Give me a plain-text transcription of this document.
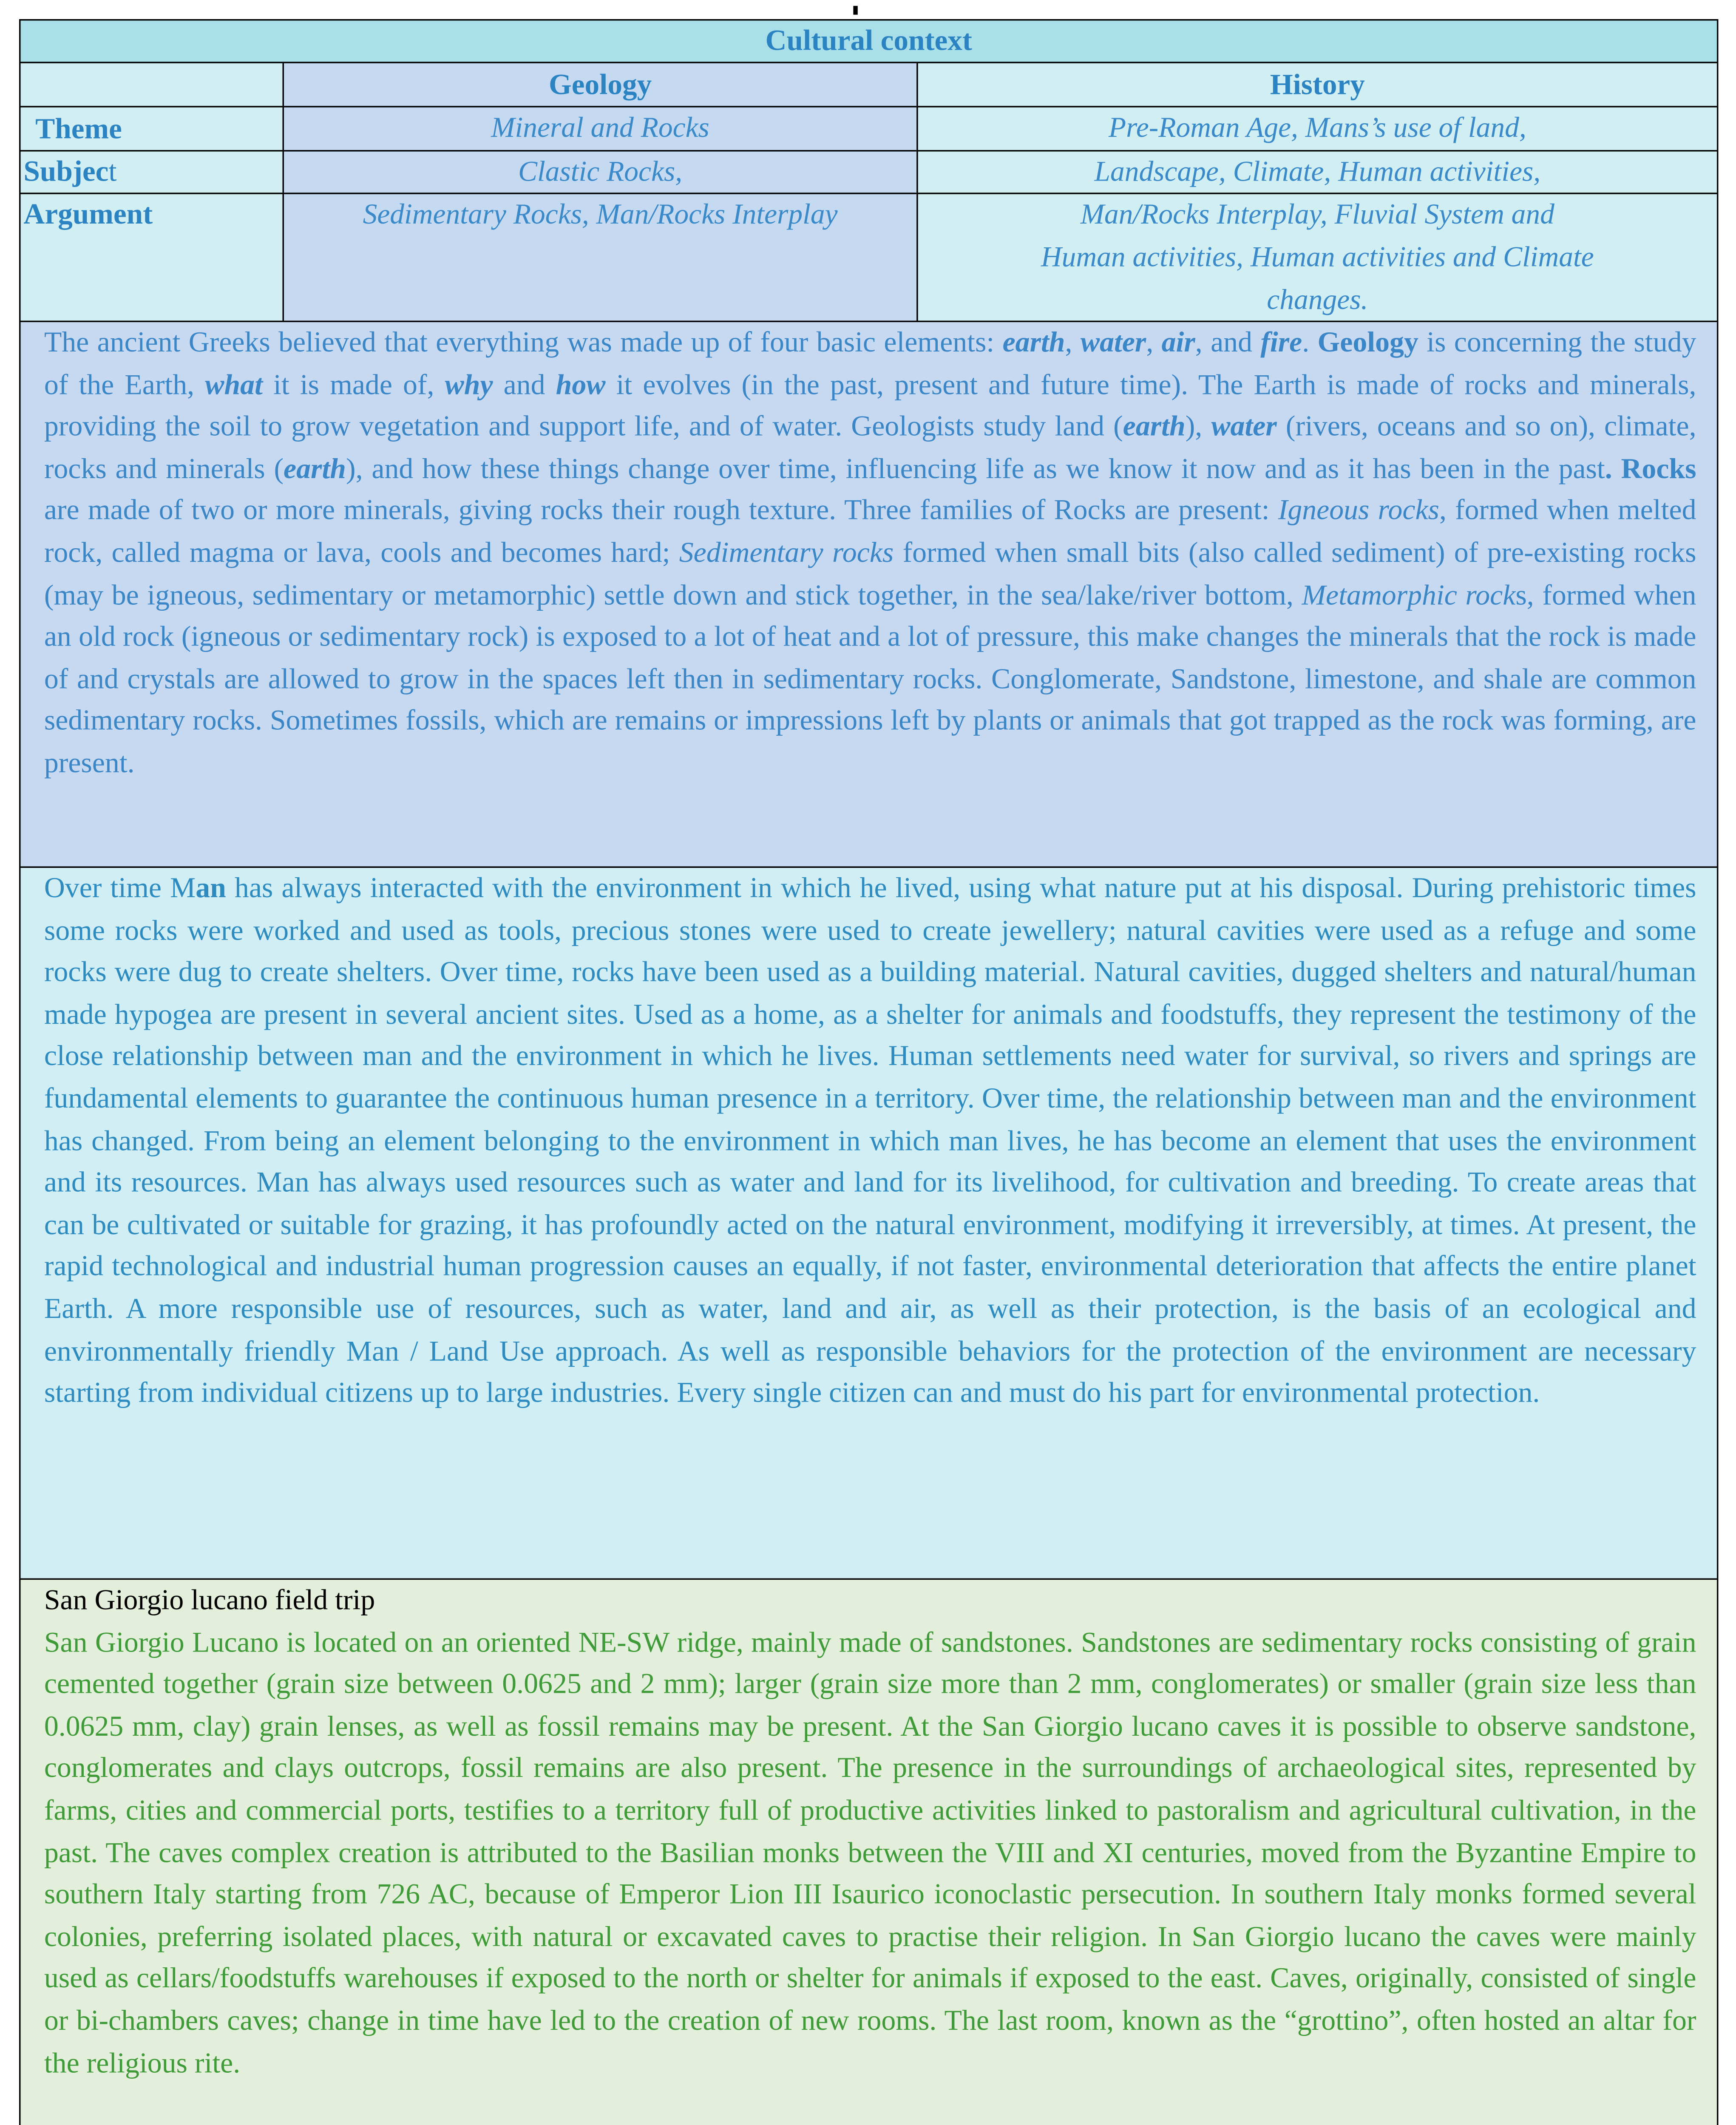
Cultural context
Geology	History
Theme
Subject
Argument
Mineral and Rocks
Clastic Rocks,
Sedimentary Rocks, Man/Rocks Interplay
Pre-Roman Age, Mans’s use of land,
Landscape, Climate, Human activities,
Man/Rocks Interplay, Fluvial System and
Human activities, Human activities and Climate
changes.
The ancient Greeks believed that everything was made up of four basic elements: earth, water, air, and fire. Geology is concerning the study of the Earth, what it is made of, why and how it evolves (in the past, present and future time). The Earth is made of rocks and minerals, providing the soil to grow vegetation and support life, and of water. Geologists study land (earth), water (rivers, oceans and so on), climate, rocks and minerals (earth), and how these things change over time, influencing life as we know it now and as it has been in the past. Rocks are made of two or more minerals, giving rocks their rough texture. Three families of Rocks are present: Igneous rocks, formed when melted rock, called magma or lava, cools and becomes hard; Sedimentary rocks formed when small bits (also called sediment) of pre-existing rocks (may be igneous, sedimentary or metamorphic) settle down and stick together, in the sea/lake/river bottom, Metamorphic rocks, formed when an old rock (igneous or sedimentary rock) is exposed to a lot of heat and a lot of pressure, this make changes the minerals that the rock is made of and crystals are allowed to grow in the spaces left then in sedimentary rocks. Conglomerate, Sandstone, limestone, and shale are common sedimentary rocks. Sometimes fossils, which are remains or impressions left by plants or animals that got trapped as the rock was forming, are present.
Over time Man has always interacted with the environment in which he lived, using what nature put at his disposal. During prehistoric times some rocks were worked and used as tools, precious stones were used to create jewellery; natural cavities were used as a refuge and some rocks were dug to create shelters. Over time, rocks have been used as a building material. Natural cavities, dugged shelters and natural/human made hypogea are present in several ancient sites. Used as a home, as a shelter for animals and foodstuffs, they represent the testimony of the close relationship between man and the environment in which he lives. Human settlements need water for survival, so rivers and springs are fundamental elements to guarantee the continuous human presence in a territory. Over time, the relationship between man and the environment has changed. From being an element belonging to the environment in which man lives, he has become an element that uses the environment and its resources. Man has always used resources such as water and land for its livelihood, for cultivation and breeding. To create areas that can be cultivated or suitable for grazing, it has profoundly acted on the natural environment, modifying it irreversibly, at times. At present, the rapid technological and industrial human progression causes an equally, if not faster, environmental deterioration that affects the entire planet Earth. A more responsible use of resources, such as water, land and air, as well as their protection, is the basis of an ecological and environmentally friendly Man / Land Use approach. As well as responsible behaviors for the protection of the environment are necessary starting from individual citizens up to large industries. Every single citizen can and must do his part for environmental protection.
San Giorgio lucano field trip
San Giorgio Lucano is located on an oriented NE-SW ridge, mainly made of sandstones. Sandstones are sedimentary rocks consisting of grain cemented together (grain size between 0.0625 and 2 mm); larger (grain size more than 2 mm, conglomerates) or smaller (grain size less than 0.0625 mm, clay) grain lenses, as well as fossil remains may be present. At the San Giorgio lucano caves it is possible to observe sandstone, conglomerates and clays outcrops, fossil remains are also present. The presence in the surroundings of archaeological sites, represented by farms, cities and commercial ports, testifies to a territory full of productive activities linked to pastoralism and agricultural cultivation, in the past. The caves complex creation is attributed to the Basilian monks between the VIII and XI centuries, moved from the Byzantine Empire to southern Italy starting from 726 AC, because of Emperor Lion III Isaurico iconoclastic persecution. In southern Italy monks formed several colonies, preferring isolated places, with natural or excavated caves to practise their religion. In San Giorgio lucano the caves were mainly used as cellars/foodstuffs warehouses if exposed to the north or shelter for animals if exposed to the east. Caves, originally, consisted of single or bi-chambers caves; change in time have led to the creation of new rooms. The last room, known as the “grottino”, often hosted an altar for the religious rite.
